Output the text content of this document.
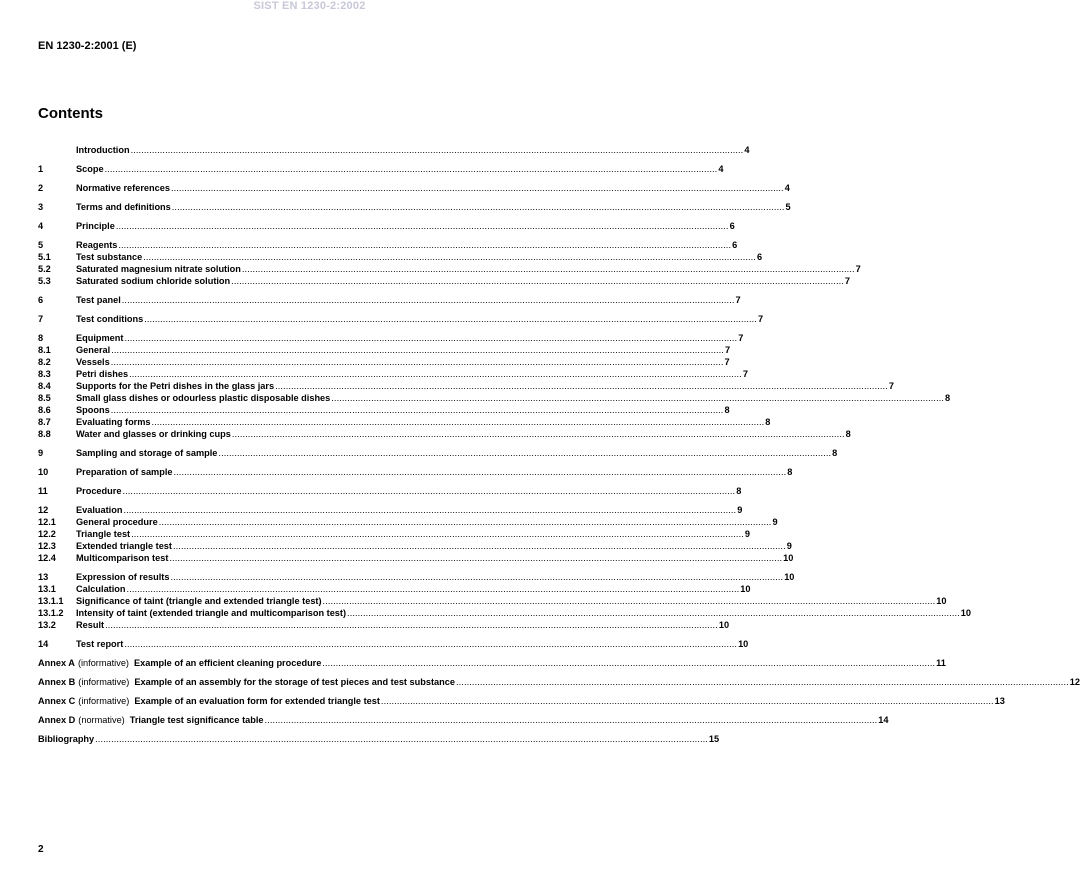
SIST EN 1230-2:2002
EN 1230-2:2001 (E)
Contents
Introduction .....	4
1	Scope .....	4
2	Normative references .....	4
3	Terms and definitions .....	5
4	Principle .....	6
5	Reagents .....	6
5.1	Test substance .....	6
5.2	Saturated magnesium nitrate solution .....	7
5.3	Saturated sodium chloride solution .....	7
6	Test panel .....	7
7	Test conditions .....	7
8	Equipment .....	7
8.1	General .....	7
8.2	Vessels .....	7
8.3	Petri dishes .....	7
8.4	Supports for the Petri dishes in the glass jars .....	7
8.5	Small glass dishes or odourless plastic disposable dishes .....	8
8.6	Spoons .....	8
8.7	Evaluating forms .....	8
8.8	Water and glasses or drinking cups .....	8
9	Sampling and storage of sample .....	8
10	Preparation of sample .....	8
11	Procedure .....	8
12	Evaluation .....	9
12.1	General procedure .....	9
12.2	Triangle test .....	9
12.3	Extended triangle test .....	9
12.4	Multicomparison test .....	10
13	Expression of results .....	10
13.1	Calculation .....	10
13.1.1	Significance of taint (triangle and extended triangle test) .....	10
13.1.2	Intensity of taint (extended triangle and multicomparison test) .....	10
13.2	Result .....	10
14	Test report .....	10
Annex A (informative) Example of an efficient cleaning procedure .....	11
Annex B (informative) Example of an assembly for the storage of test pieces and test substance .....	12
Annex C (informative) Example of an evaluation form for extended triangle test .....	13
Annex D (normative) Triangle test significance table .....	14
Bibliography .....	15
2
